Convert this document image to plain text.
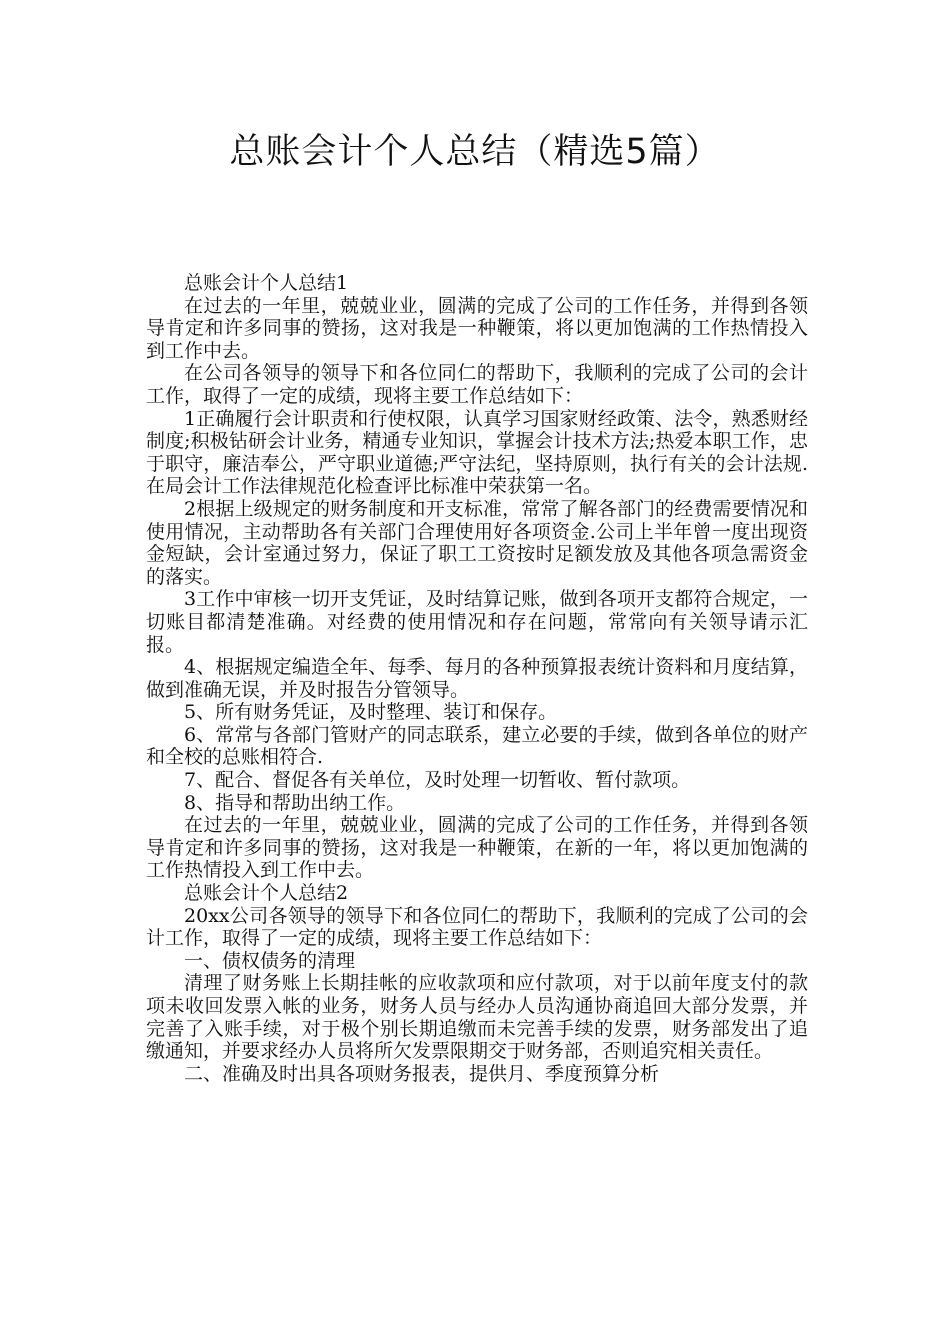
总账会计个人总结（精选5篇）

总账会计个人总结1

在过去的一年里，兢兢业业，圆满的完成了公司的工作任务，并得到各领导肯定和许多同事的赞扬，这对我是一种鞭策，将以更加饱满的工作热情投入到工作中去。

在公司各领导的领导下和各位同仁的帮助下，我顺利的完成了公司的会计工作，取得了一定的成绩，现将主要工作总结如下：

1正确履行会计职责和行使权限，认真学习国家财经政策、法令，熟悉财经制度;积极钻研会计业务，精通专业知识，掌握会计技术方法;热爱本职工作，忠于职守，廉洁奉公，严守职业道德;严守法纪，坚持原则，执行有关的会计法规.在局会计工作法律规范化检查评比标准中荣获第一名。

2根据上级规定的财务制度和开支标准，常常了解各部门的经费需要情况和使用情况，主动帮助各有关部门合理使用好各项资金.公司上半年曾一度出现资金短缺，会计室通过努力，保证了职工工资按时足额发放及其他各项急需资金的落实。

3工作中审核一切开支凭证，及时结算记账，做到各项开支都符合规定，一切账目都清楚准确。对经费的使用情况和存在问题，常常向有关领导请示汇报。

4、根据规定编造全年、每季、每月的各种预算报表统计资料和月度结算，做到准确无误，并及时报告分管领导。

5、所有财务凭证，及时整理、装订和保存。

6、常常与各部门管财产的同志联系，建立必要的手续，做到各单位的财产和全校的总账相符合.

7、配合、督促各有关单位，及时处理一切暂收、暂付款项。

8、指导和帮助出纳工作。

在过去的一年里，兢兢业业，圆满的完成了公司的工作任务，并得到各领导肯定和许多同事的赞扬，这对我是一种鞭策，在新的一年，将以更加饱满的工作热情投入到工作中去。

总账会计个人总结2

20xx公司各领导的领导下和各位同仁的帮助下，我顺利的完成了公司的会计工作，取得了一定的成绩，现将主要工作总结如下：

一、债权债务的清理

清理了财务账上长期挂帐的应收款项和应付款项，对于以前年度支付的款项未收回发票入帐的业务，财务人员与经办人员沟通协商追回大部分发票，并完善了入账手续，对于极个别长期追缴而未完善手续的发票，财务部发出了追缴通知，并要求经办人员将所欠发票限期交于财务部，否则追究相关责任。

二、准确及时出具各项财务报表，提供月、季度预算分析
